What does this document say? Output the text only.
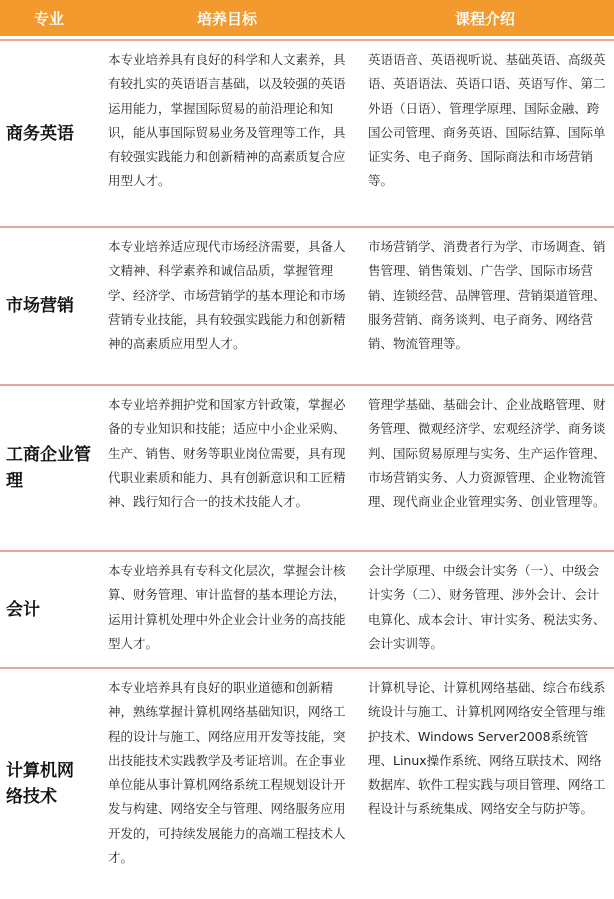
专业	培养目标	课程介绍
商务英语
本专业培养具有良好的科学和人文素养，具有较扎实的英语语言基础，以及较强的英语运用能力，掌握国际贸易的前沿理论和知识，能从事国际贸易业务及管理等工作，具有较强实践能力和创新精神的高素质复合应用型人才。
英语语音、英语视听说、基础英语、高级英语、英语语法、英语口语、英语写作、第二外语（日语）、管理学原理、国际金融、跨国公司管理、商务英语、国际结算、国际单证实务、电子商务、国际商法和市场营销等。
市场营销
本专业培养适应现代市场经济需要，具备人文精神、科学素养和诚信品质，掌握管理学、经济学、市场营销学的基本理论和市场营销专业技能，具有较强实践能力和创新精神的高素质应用型人才。
市场营销学、消费者行为学、市场调查、销售管理、销售策划、广告学、国际市场营销、连锁经营、品牌管理、营销渠道管理、服务营销、商务谈判、电子商务、网络营销、物流管理等。
工商企业管理
本专业培养拥护党和国家方针政策，掌握必备的专业知识和技能；适应中小企业采购、生产、销售、财务等职业岗位需要，具有现代职业素质和能力、具有创新意识和工匠精神、践行知行合一的技术技能人才。
管理学基础、基础会计、企业战略管理、财务管理、微观经济学、宏观经济学、商务谈判、国际贸易原理与实务、生产运作管理、市场营销实务、人力资源管理、企业物流管理、现代商业企业管理实务、创业管理等。
会计
本专业培养具有专科文化层次，掌握会计核算、财务管理、审计监督的基本理论方法，运用计算机处理中外企业会计业务的高技能型人才。
会计学原理、中级会计实务（一）、中级会计实务（二）、财务管理、涉外会计、会计电算化、成本会计、审计实务、税法实务、会计实训等。
计算机网络技术
本专业培养具有良好的职业道德和创新精神，熟练掌握计算机网络基础知识，网络工程的设计与施工、网络应用开发等技能，突出技能技术实践教学及考证培训。在企事业单位能从事计算机网络系统工程规划设计开发与构建、网络安全与管理、网络服务应用开发的，可持续发展能力的高端工程技术人才。
计算机导论、计算机网络基础、综合布线系统设计与施工、计算机网网络安全管理与维护技术、Windows Server2008系统管理、Linux操作系统、网络互联技术、网络数据库、软件工程实践与项目管理、网络工程设计与系统集成、网络安全与防护等。
